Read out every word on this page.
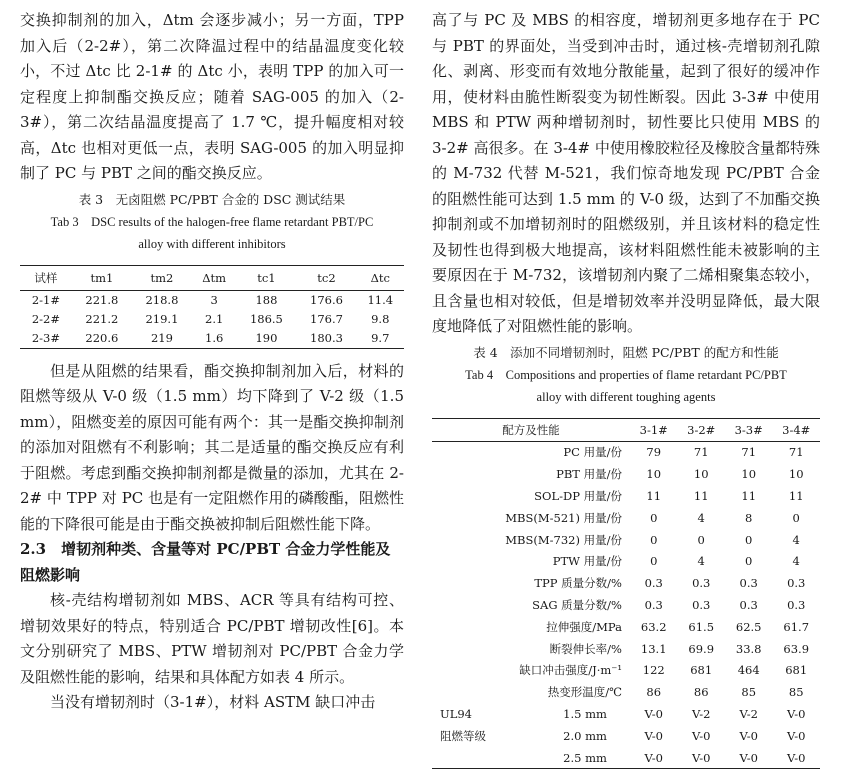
交换抑制剂的加入，Δtm 会逐步减小；另一方面，TPP 加入后（2-2#），第二次降温过程中的结晶温度变化较小，不过 Δtc 比 2-1# 的 Δtc 小，表明 TPP 的加入可一定程度上抑制酯交换反应；随着 SAG-005 的加入（2-3#），第二次结晶温度提高了 1.7 ℃，提升幅度相对较高，Δtc 也相对更低一点，表明 SAG-005 的加入明显抑制了 PC 与 PBT 之间的酯交换反应。

表 3　无卤阻燃 PC/PBT 合金的 DSC 测试结果

Tab 3　DSC results of the halogen-free flame retardant PBT/PC

alloy with different inhibitors

试样	tm1	tm2	Δtm	tc1	tc2	Δtc
2-1#	221.8	218.8	3	188	176.6	11.4
2-2#	221.2	219.1	2.1	186.5	176.7	9.8
2-3#	220.6	219	1.6	190	180.3	9.7

但是从阻燃的结果看，酯交换抑制剂加入后，材料的阻燃等级从 V-0 级（1.5 mm）均下降到了 V-2 级（1.5 mm），阻燃变差的原因可能有两个：其一是酯交换抑制剂的添加对阻燃有不利影响；其二是适量的酯交换反应有利于阻燃。考虑到酯交换抑制剂都是微量的添加，尤其在 2-2# 中 TPP 对 PC 也是有一定阻燃作用的磷酸酯，阻燃性能的下降很可能是由于酯交换被抑制后阻燃性能下降。

2.3　 增韧剂种类、含量等对 PC/PBT 合金力学性能及阻燃影响

核-壳结构增韧剂如 MBS、ACR 等具有结构可控、增韧效果好的特点，特别适合 PC/PBT 增韧改性[6]。本文分别研究了 MBS、PTW 增韧剂对 PC/PBT 合金力学及阻燃性能的影响，结果和具体配方如表 4 所示。

当没有增韧剂时（3-1#），材料 ASTM 缺口冲击

高了与 PC 及 MBS 的相容度，增韧剂更多地存在于 PC 与 PBT 的界面处，当受到冲击时，通过核-壳增韧剂孔隙化、剥离、形变而有效地分散能量，起到了很好的缓冲作用，使材料由脆性断裂变为韧性断裂。因此 3-3# 中使用 MBS 和 PTW 两种增韧剂时，韧性要比只使用 MBS 的 3-2# 高很多。在 3-4# 中使用橡胶粒径及橡胶含量都特殊的 M-732 代替 M-521，我们惊奇地发现 PC/PBT 合金的阻燃性能可达到 1.5 mm 的 V-0 级，达到了不加酯交换抑制剂或不加增韧剂时的阻燃级别，并且该材料的稳定性及韧性也得到极大地提高，该材料阻燃性能未被影响的主要原因在于 M-732，该增韧剂内聚了二烯相聚集态较小，且含量也相对较低，但是增韧效率并没明显降低，最大限度地降低了对阻燃性能的影响。

表 4　添加不同增韧剂时，阻燃 PC/PBT 的配方和性能

Tab 4　Compositions and properties of flame retardant PC/PBT

alloy with different toughing agents

配方及性能		3-1#	3-2#	3-3#	3-4#
PC 用量/份		79	71	71	71
PBT 用量/份		10	10	10	10
SOL-DP 用量/份		11	11	11	11
MBS(M-521) 用量/份		0	4	8	0
MBS(M-732) 用量/份		0	0	0	4
PTW 用量/份		0	4	0	4
TPP 质量分数/%		0.3	0.3	0.3	0.3
SAG 质量分数/%		0.3	0.3	0.3	0.3
拉伸强度/MPa		63.2	61.5	62.5	61.7
断裂伸长率/%		13.1	69.9	33.8	63.9
缺口冲击强度/J·m⁻¹		122	681	464	681
热变形温度/℃		86	86	85	85
UL94	1.5 mm	V-0	V-2	V-2	V-0
阻燃等级	2.0 mm	V-0	V-0	V-0	V-0
	2.5 mm	V-0	V-0	V-0	V-0
